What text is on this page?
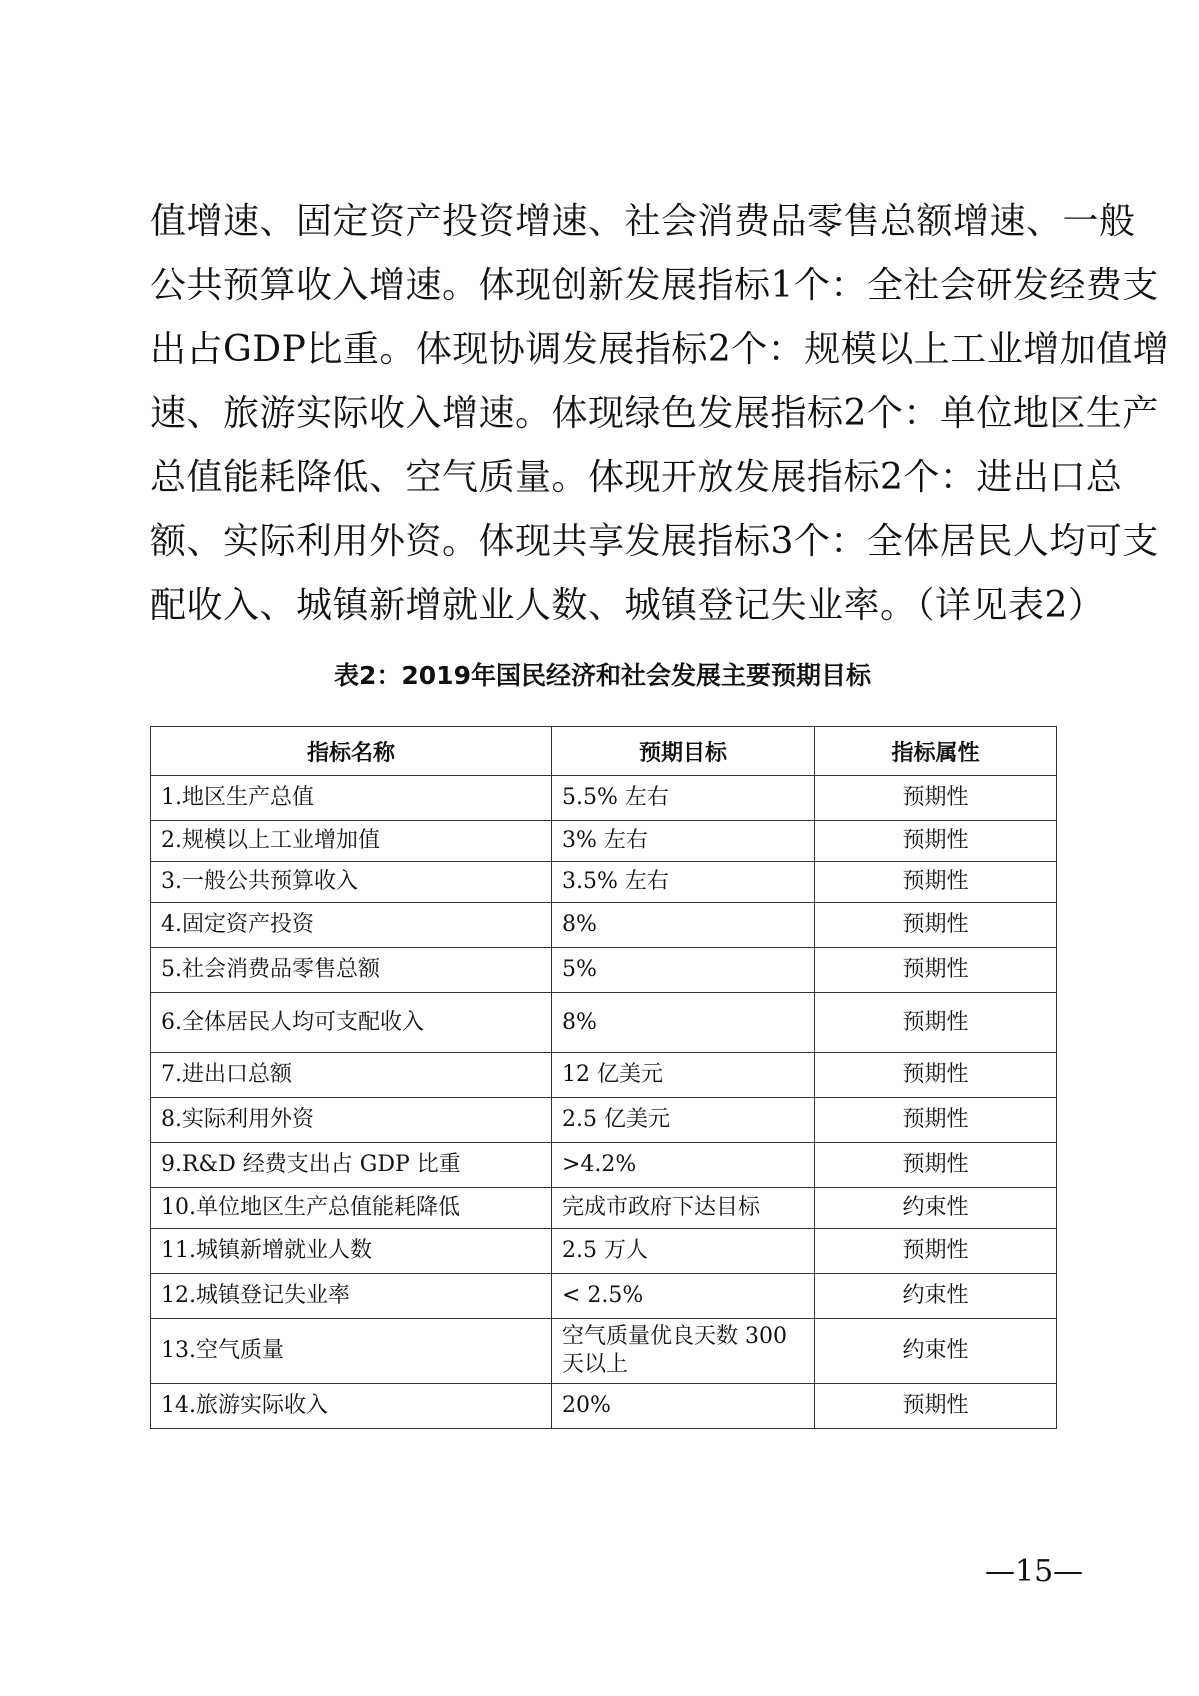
值增速、固定资产投资增速、社会消费品零售总额增速、一般
公共预算收入增速。体现创新发展指标1个：全社会研发经费支
出占GDP比重。体现协调发展指标2个：规模以上工业增加值增
速、旅游实际收入增速。体现绿色发展指标2个：单位地区生产
总值能耗降低、空气质量。体现开放发展指标2个：进出口总
额、实际利用外资。体现共享发展指标3个：全体居民人均可支
配收入、城镇新增就业人数、城镇登记失业率。（详见表2）
表2：2019年国民经济和社会发展主要预期目标
指标名称	预期目标	指标属性
1.地区生产总值	5.5% 左右	预期性
2.规模以上工业增加值	3% 左右	预期性
3.一般公共预算收入	3.5% 左右	预期性
4.固定资产投资	8%	预期性
5.社会消费品零售总额	5%	预期性
6.全体居民人均可支配收入	8%	预期性
7.进出口总额	12 亿美元	预期性
8.实际利用外资	2.5 亿美元	预期性
9.R&D 经费支出占 GDP 比重	>4.2%	预期性
10.单位地区生产总值能耗降低	完成市政府下达目标	约束性
11.城镇新增就业人数	2.5 万人	预期性
12.城镇登记失业率	< 2.5%	约束性
13.空气质量	空气质量优良天数 300 天以上	约束性
14.旅游实际收入	20%	预期性
—15—
